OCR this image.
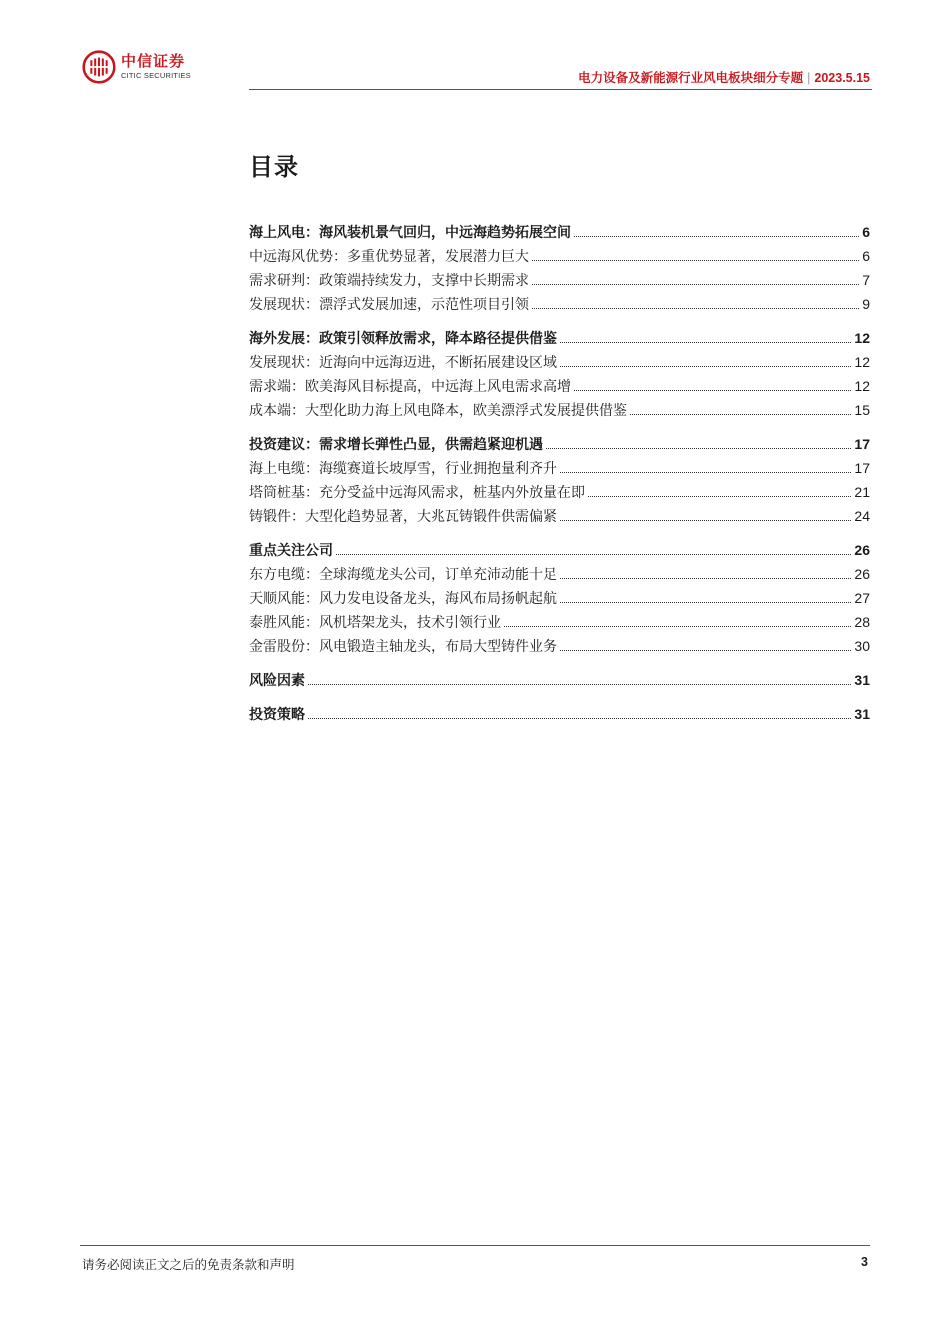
中信证券
CITIC SECURITIES	电力设备及新能源行业风电板块细分专题 | 2023.5.15
目录
海上风电：海风装机景气回归，中远海趋势拓展空间	6
中远海风优势：多重优势显著，发展潜力巨大	6
需求研判：政策端持续发力，支撑中长期需求	7
发展现状：漂浮式发展加速，示范性项目引领	9
海外发展：政策引领释放需求，降本路径提供借鉴	12
发展现状：近海向中远海迈进，不断拓展建设区域	12
需求端：欧美海风目标提高，中远海上风电需求高增	12
成本端：大型化助力海上风电降本，欧美漂浮式发展提供借鉴	15
投资建议：需求增长弹性凸显，供需趋紧迎机遇	17
海上电缆：海缆赛道长坡厚雪，行业拥抱量利齐升	17
塔筒桩基：充分受益中远海风需求，桩基内外放量在即	21
铸锻件：大型化趋势显著，大兆瓦铸锻件供需偏紧	24
重点关注公司	26
东方电缆：全球海缆龙头公司，订单充沛动能十足	26
天顺风能：风力发电设备龙头，海风布局扬帆起航	27
泰胜风能：风机塔架龙头，技术引领行业	28
金雷股份：风电锻造主轴龙头，布局大型铸件业务	30
风险因素	31
投资策略	31
请务必阅读正文之后的免责条款和声明	3
